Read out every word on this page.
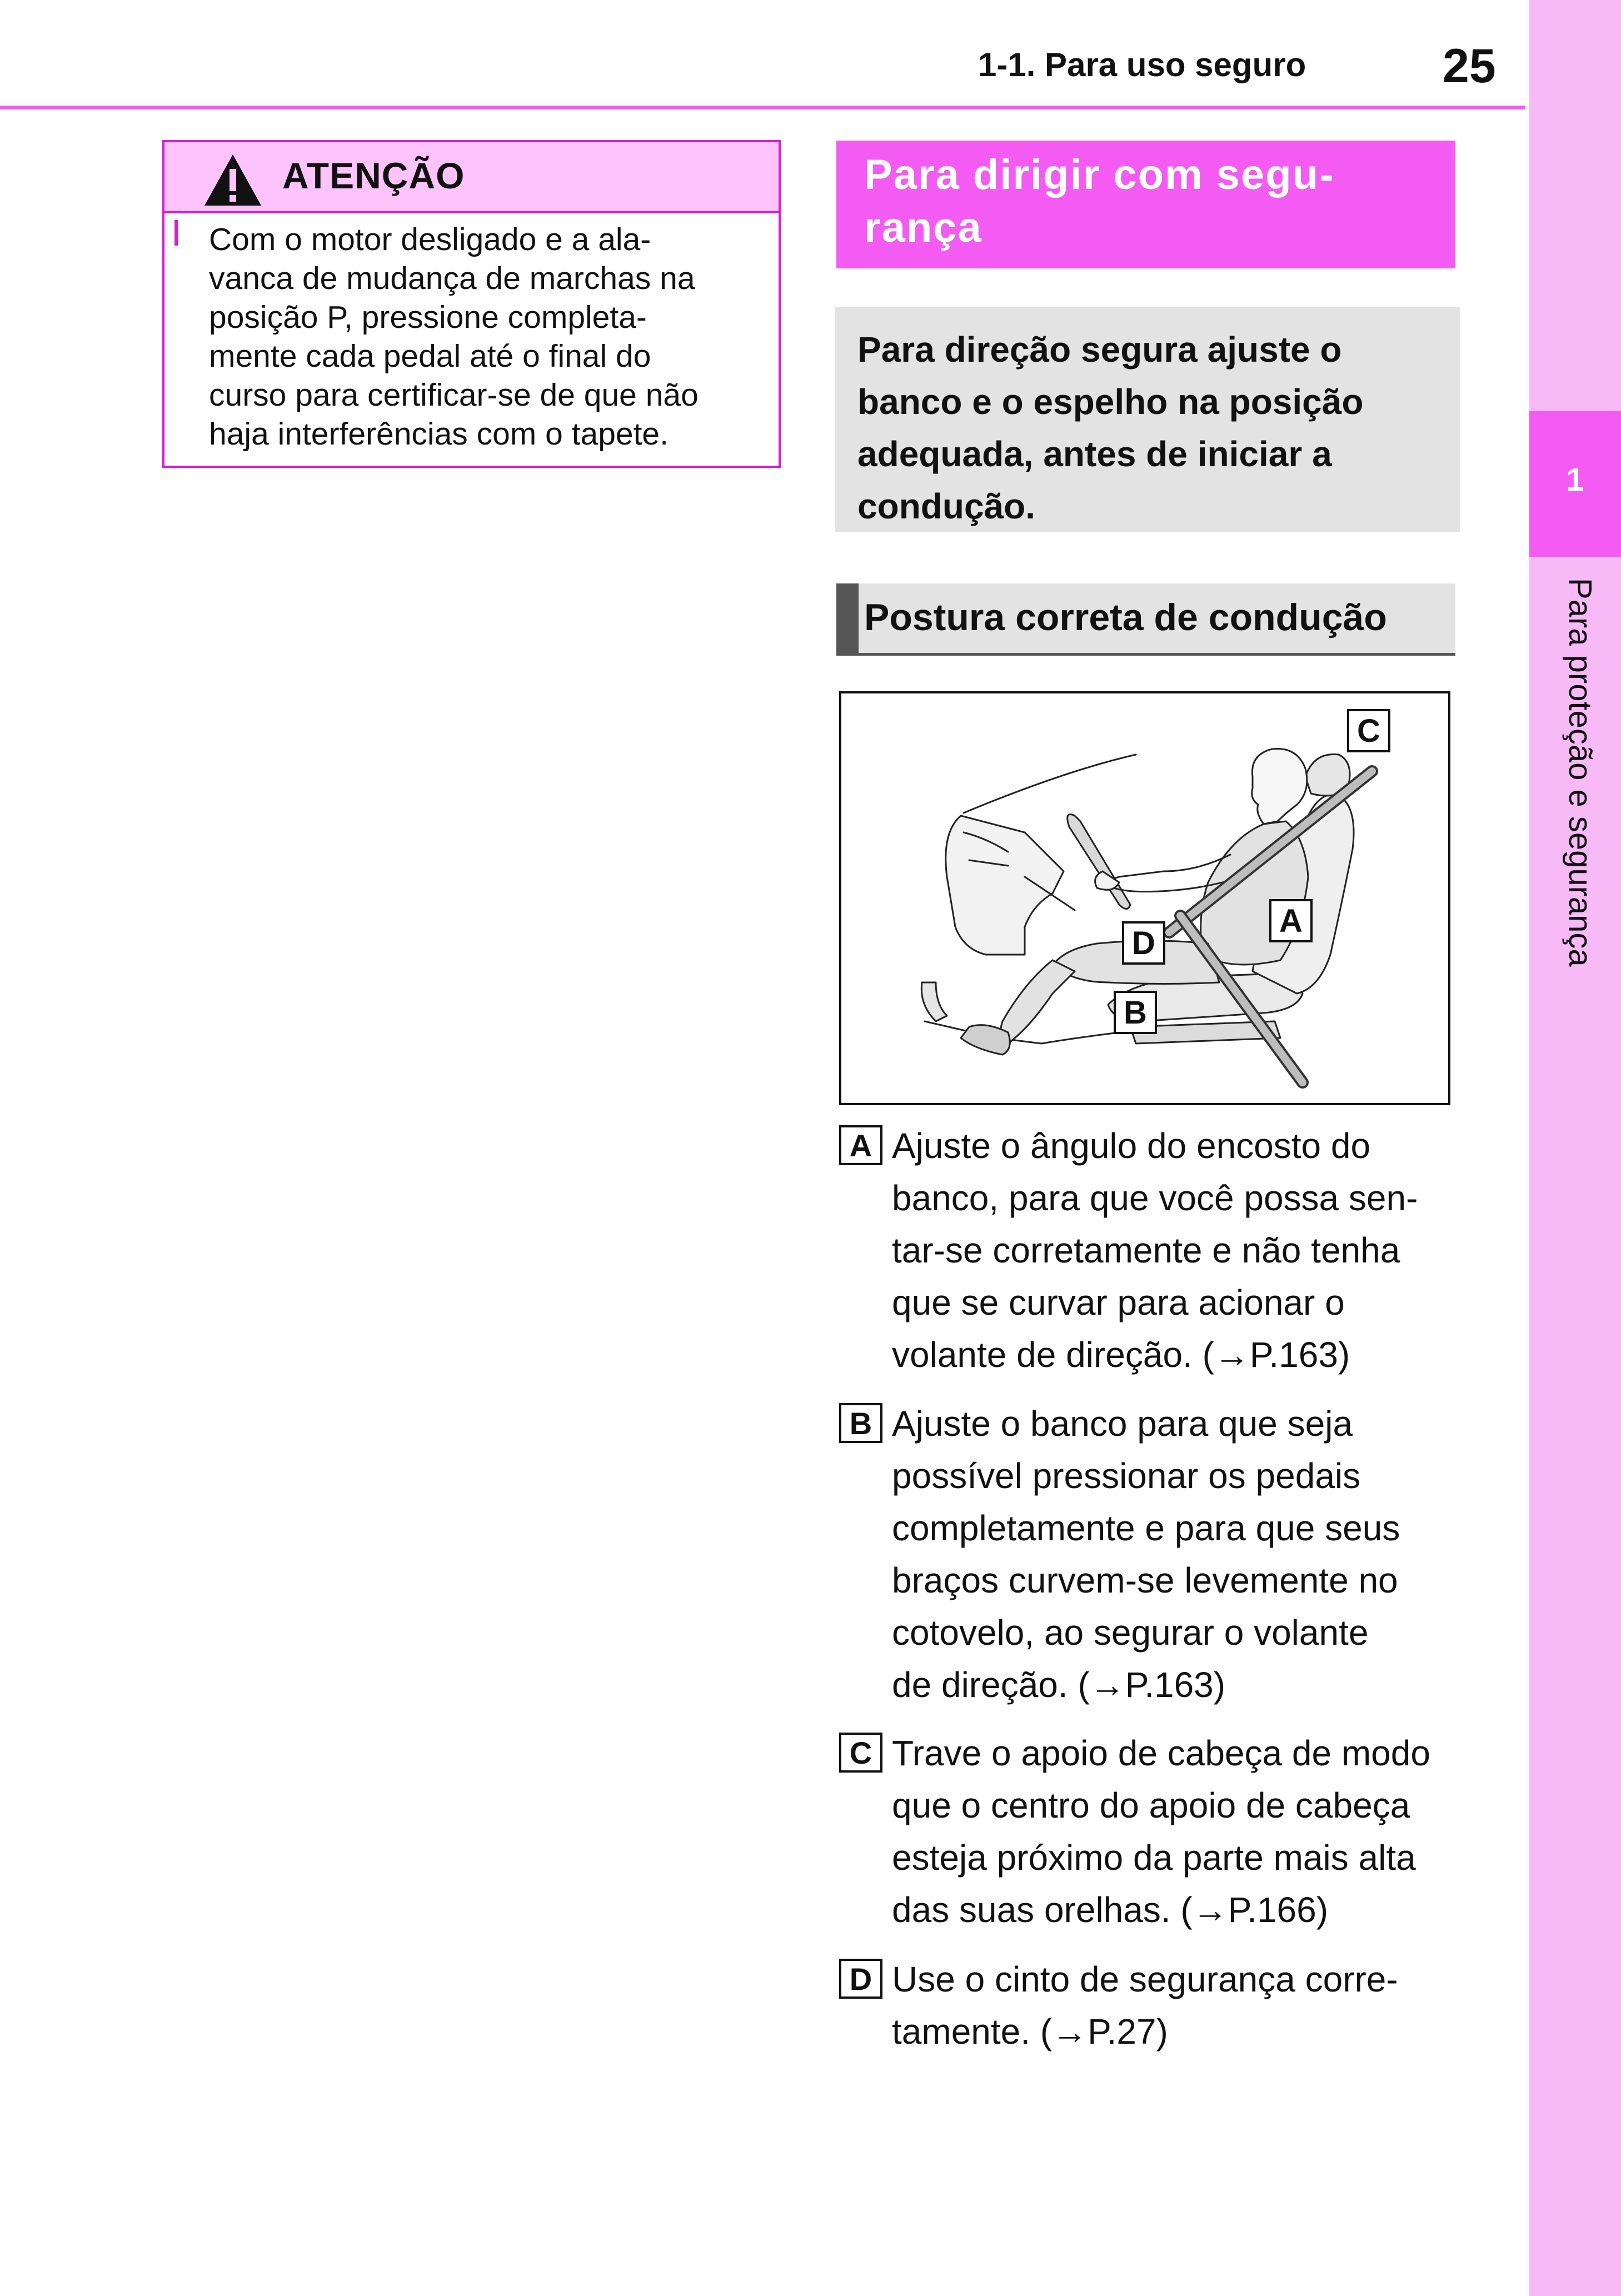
1-1. Para uso seguro	25
1
Para proteção e segurança
ATENÇÃO
Com o motor desligado e a ala-
vanca de mudança de marchas na
posição P, pressione completa-
mente cada pedal até o final do
curso para certificar-se de que não
haja interferências com o tapete.
Para dirigir com segu-
rança
Para direção segura ajuste o
banco e o espelho na posição
adequada, antes de iniciar a
condução.
Postura correta de condução
C
A
D
B
A Ajuste o ângulo do encosto do
banco, para que você possa sen-
tar-se corretamente e não tenha
que se curvar para acionar o
volante de direção. (→P.163)
B Ajuste o banco para que seja
possível pressionar os pedais
completamente e para que seus
braços curvem-se levemente no
cotovelo, ao segurar o volante
de direção. (→P.163)
C Trave o apoio de cabeça de modo
que o centro do apoio de cabeça
esteja próximo da parte mais alta
das suas orelhas. (→P.166)
D Use o cinto de segurança corre-
tamente. (→P.27)
